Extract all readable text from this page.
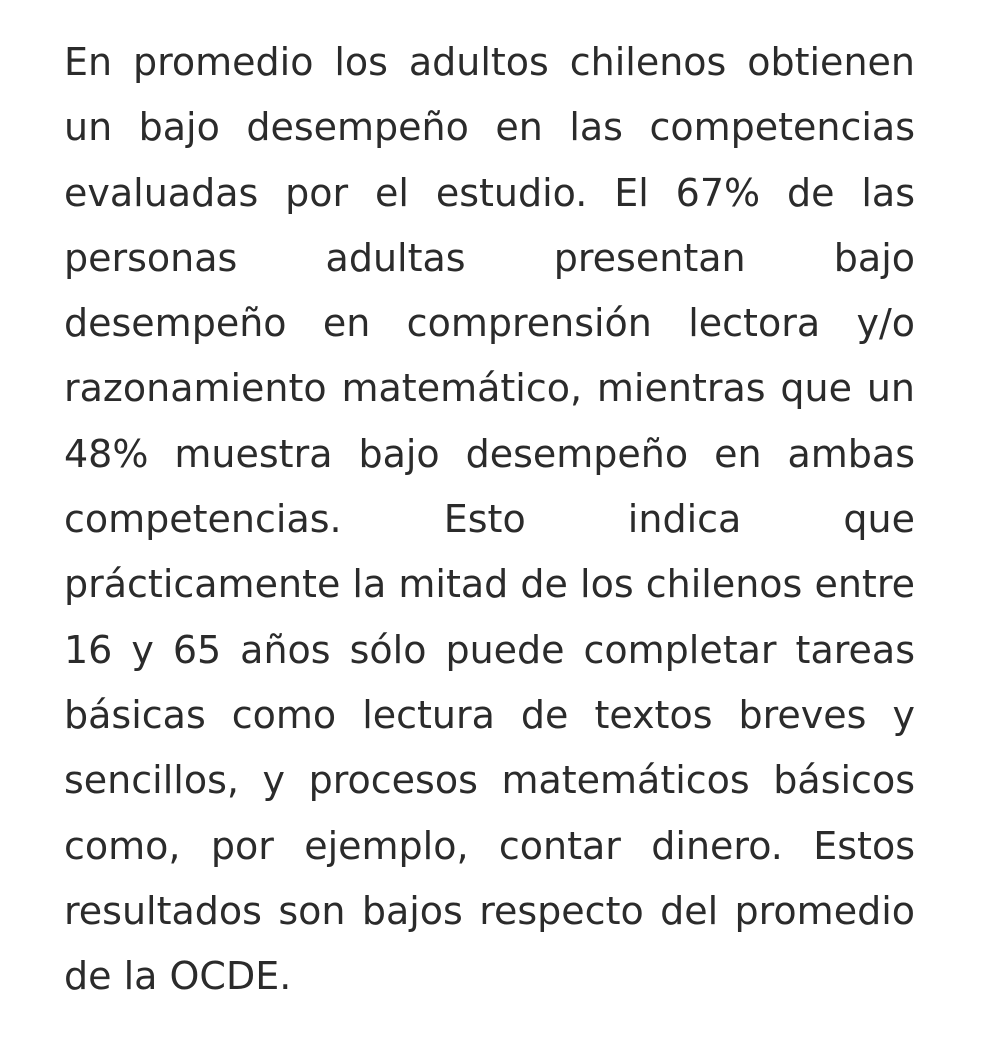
En promedio los adultos chilenos obtienen un bajo desempeño en las competencias evaluadas por el estudio. El 67% de las personas adultas presentan bajo desempeño en comprensión lectora y/o razonamiento matemático, mientras que un 48% muestra bajo desempeño en ambas competencias. Esto indica que prácticamente la mitad de los chilenos entre 16 y 65 años sólo puede completar tareas básicas como lectura de textos breves y sencillos, y procesos matemáticos básicos como, por ejemplo, contar dinero. Estos resultados son bajos respecto del promedio de la OCDE.
